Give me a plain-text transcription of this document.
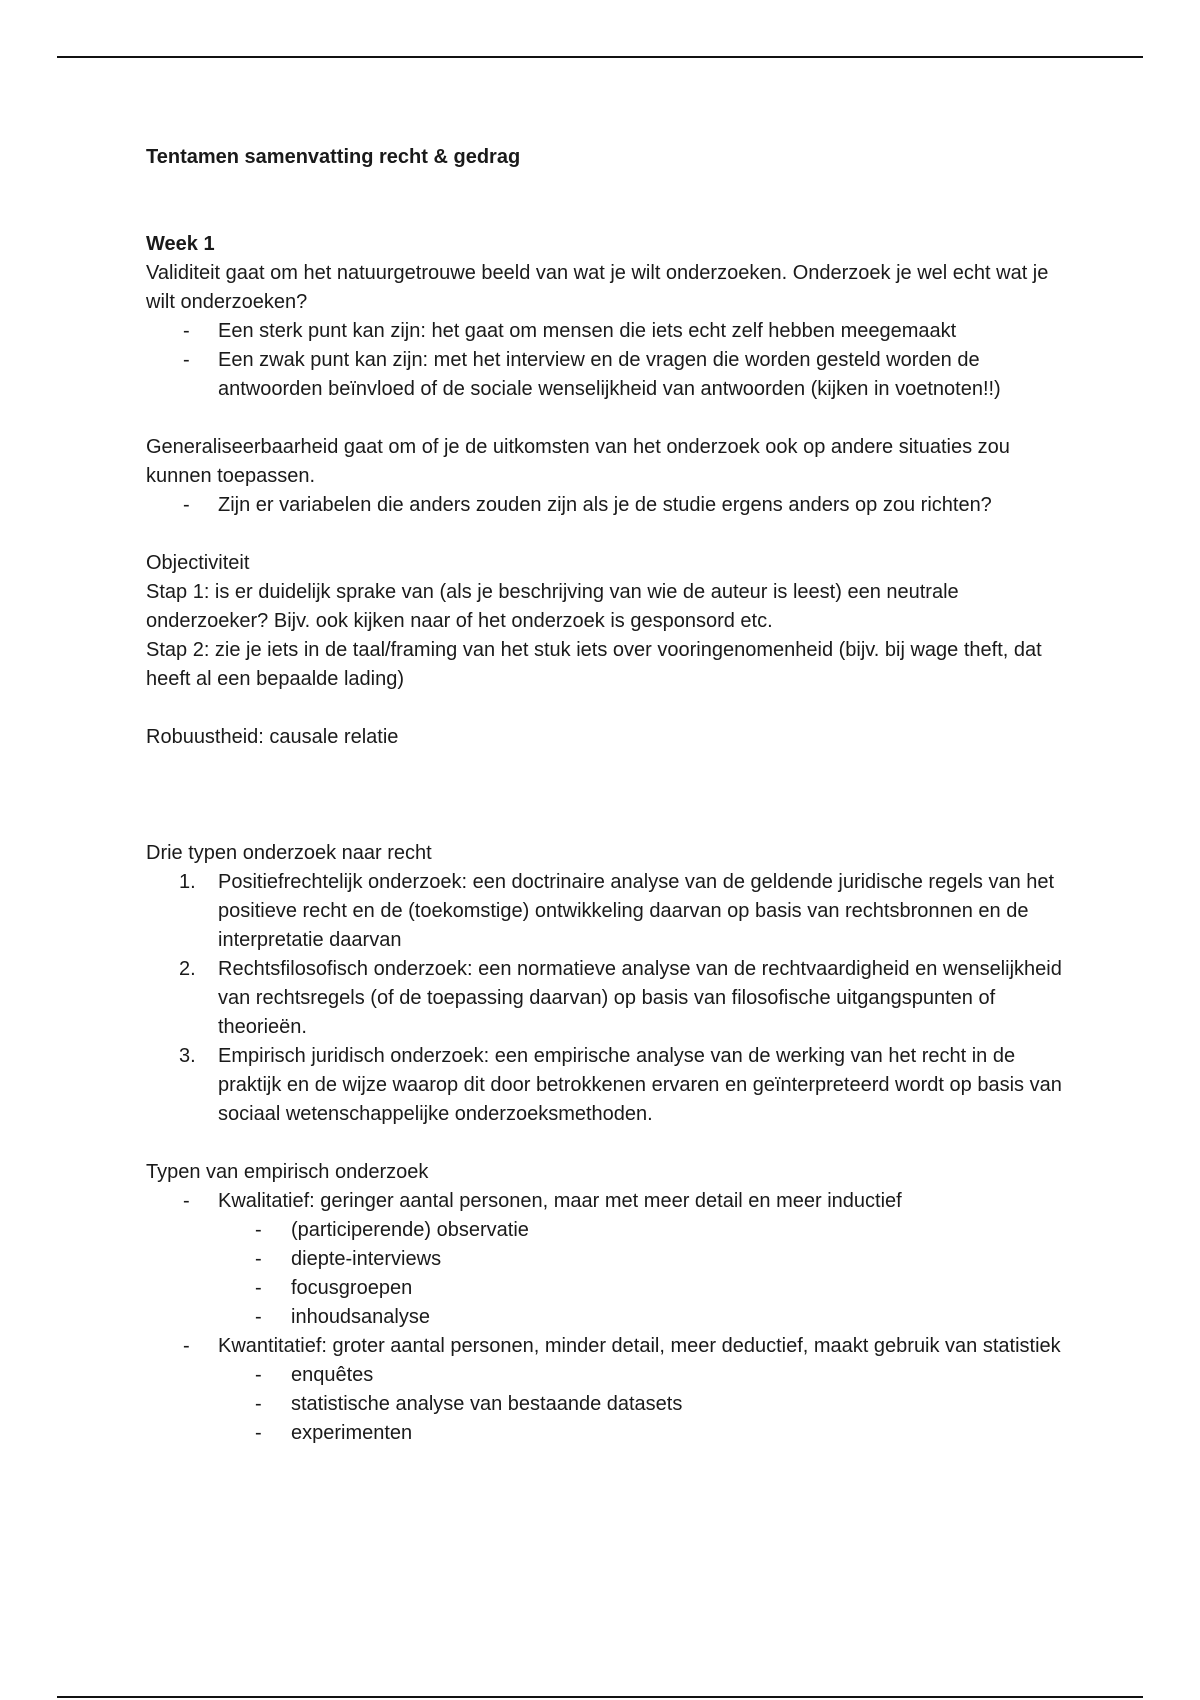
Tentamen samenvatting recht & gedrag

Week 1

Validiteit gaat om het natuurgetrouwe beeld van wat je wilt onderzoeken. Onderzoek je wel echt wat je wilt onderzoeken?

- Een sterk punt kan zijn: het gaat om mensen die iets echt zelf hebben meegemaakt
- Een zwak punt kan zijn: met het interview en de vragen die worden gesteld worden de antwoorden beïnvloed of de sociale wenselijkheid van antwoorden (kijken in voetnoten!!)

Generaliseerbaarheid gaat om of je de uitkomsten van het onderzoek ook op andere situaties zou kunnen toepassen.

- Zijn er variabelen die anders zouden zijn als je de studie ergens anders op zou richten?

Objectiviteit

Stap 1: is er duidelijk sprake van (als je beschrijving van wie de auteur is leest) een neutrale onderzoeker? Bijv. ook kijken naar of het onderzoek is gesponsord etc.

Stap 2: zie je iets in de taal/framing van het stuk iets over vooringenomenheid (bijv. bij wage theft, dat heeft al een bepaalde lading)

Robuustheid: causale relatie

Drie typen onderzoek naar recht

1. Positiefrechtelijk onderzoek: een doctrinaire analyse van de geldende juridische regels van het positieve recht en de (toekomstige) ontwikkeling daarvan op basis van rechtsbronnen en de interpretatie daarvan
2. Rechtsfilosofisch onderzoek: een normatieve analyse van de rechtvaardigheid en wenselijkheid van rechtsregels (of de toepassing daarvan) op basis van filosofische uitgangspunten of theorieën.
3. Empirisch juridisch onderzoek: een empirische analyse van de werking van het recht in de praktijk en de wijze waarop dit door betrokkenen ervaren en geïnterpreteerd wordt op basis van sociaal wetenschappelijke onderzoeksmethoden.

Typen van empirisch onderzoek

- Kwalitatief: geringer aantal personen, maar met meer detail en meer inductief
- (participerende) observatie
- diepte-interviews
- focusgroepen
- inhoudsanalyse
- Kwantitatief: groter aantal personen, minder detail, meer deductief, maakt gebruik van statistiek
- enquêtes
- statistische analyse van bestaande datasets
- experimenten
